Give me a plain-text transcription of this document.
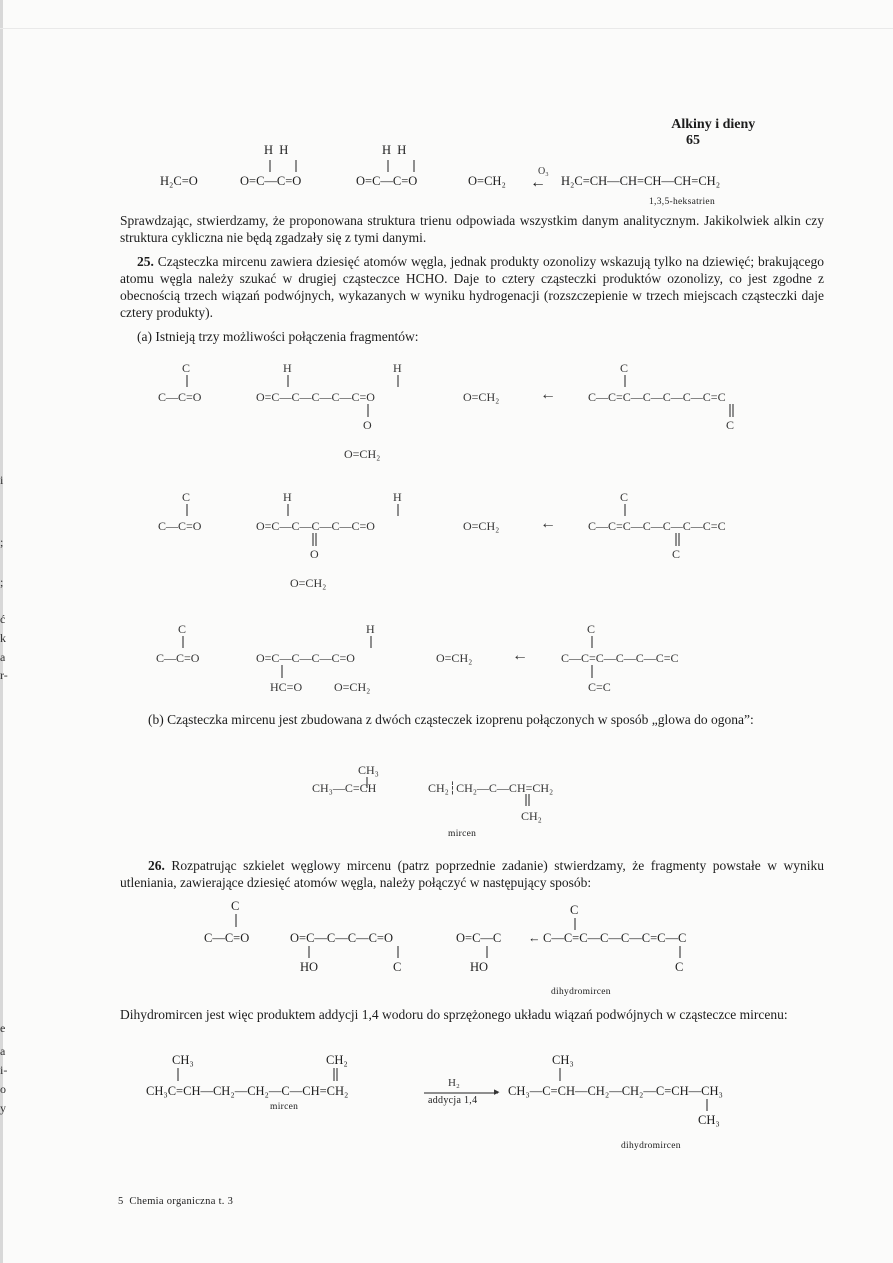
Alkiny i dieny
65

H  H	H  H
H₂C=O	O=C—C=O	O=C—C=O	O=CH₂
O₃
← H₂C=CH—CH=CH—CH=CH₂
1,3,5-heksatrien
Sprawdzając, stwierdzamy, że proponowana struktura trienu odpowiada wszystkim danym analitycznym. Jakikolwiek alkin czy struktura cykliczna nie będą zgadzały się z tymi danymi.
25. Cząsteczka mircenu zawiera dziesięć atomów węgla, jednak produkty ozonolizy wskazują tylko na dziewięć; brakującego atomu węgla należy szukać w drugiej cząsteczce HCHO. Daje to cztery cząsteczki produktów ozonolizy, co jest zgodne z obecnością trzech wiązań podwójnych, wykazanych w wyniku hydrogenacji (rozszczepienie w trzech miejscach cząsteczki daje cztery produkty).
(a) Istnieją trzy możliwości połączenia fragmentów:
C	H	H	C
C—C=O	O=C—C—C—C—C=O	O=CH₂	←	C—C=C—C—C—C—C=C
O	C
O=CH₂
C	H	H	C
C—C=O	O=C—C—C—C—C=O	O=CH₂	←	C—C=C—C—C—C—C=C
O	C
O=CH₂
C	H	C
C—C=O	O=C—C—C—C=O	O=CH₂ ←	C—C=C—C—C—C=C
HC=O	O=CH₂	C=C
(b) Cząsteczka mircenu jest zbudowana z dwóch cząsteczek izoprenu połączonych w sposób „glowa do ogona”:
CH₃
CH₃—C=CH	CH₂┆CH₂—C—CH=CH₂
CH₂
mircen
26. Rozpatrując szkielet węglowy mircenu (patrz poprzednie zadanie) stwierdzamy, że fragmenty powstałe w wyniku utleniania, zawierające dziesięć atomów węgla, należy połączyć w następujący sposób:
C	C
C—C=O	O=C—C—C—C=O	O=C—C ← C—C=C—C—C—C=C—C
HO	C	HO	C
dihydromircen
Dihydromircen jest więc produktem addycji 1,4 wodoru do sprzężonego układu wiązań podwójnych w cząsteczce mircenu:
CH₃	CH₂	CH₃
CH₃C=CH—CH₂—CH₂—C—CH=CH₂
mircen
H₂
▸
addycja 1,4
CH₃—C=CH—CH₂—CH₂—C=CH—CH₃
CH₃
dihydromircen
5  Chemia organiczna t. 3
i
;
;
ć
k
a
r-
e
a
i-
o
y
